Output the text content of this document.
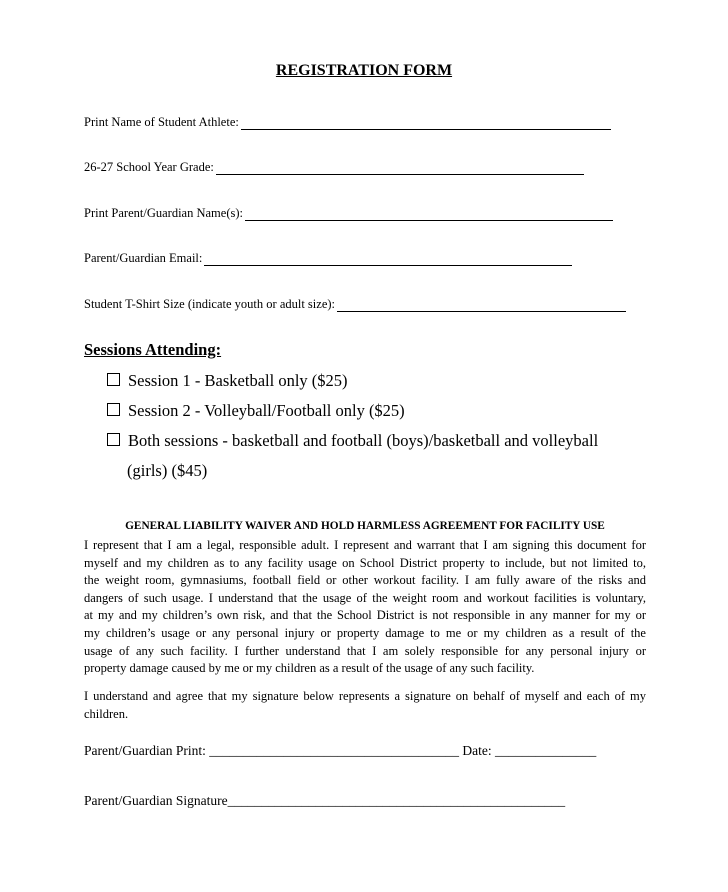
REGISTRATION FORM
Print Name of Student Athlete:
26-27 School Year Grade:
Print Parent/Guardian Name(s):
Parent/Guardian Email:
Student T-Shirt Size (indicate youth or adult size):
Sessions Attending:
Session 1 - Basketball only ($25)
Session 2 - Volleyball/Football only ($25)
Both sessions - basketball and football (boys)/basketball and volleyball
(girls) ($45)
GENERAL LIABILITY WAIVER AND HOLD HARMLESS AGREEMENT FOR FACILITY USE
I represent that I am a legal, responsible adult. I represent and warrant that I am signing this document for
myself and my children as to any facility usage on School District property to include, but not limited to,
the weight room, gymnasiums, football field or other workout facility. I am fully aware of the risks and
dangers of such usage. I understand that the usage of the weight room and workout facilities is voluntary,
at my and my children’s own risk, and that the School District is not responsible in any manner for my or
my children’s usage or any personal injury or property damage to me or my children as a result of the
usage of any such facility. I further understand that I am solely responsible for any personal injury or
property damage caused by me or my children as a result of the usage of any such facility.
I understand and agree that my signature below represents a signature on behalf of myself and each of my
children.
Parent/Guardian Print: _____________________________________ Date: _______________
Parent/Guardian Signature__________________________________________________
